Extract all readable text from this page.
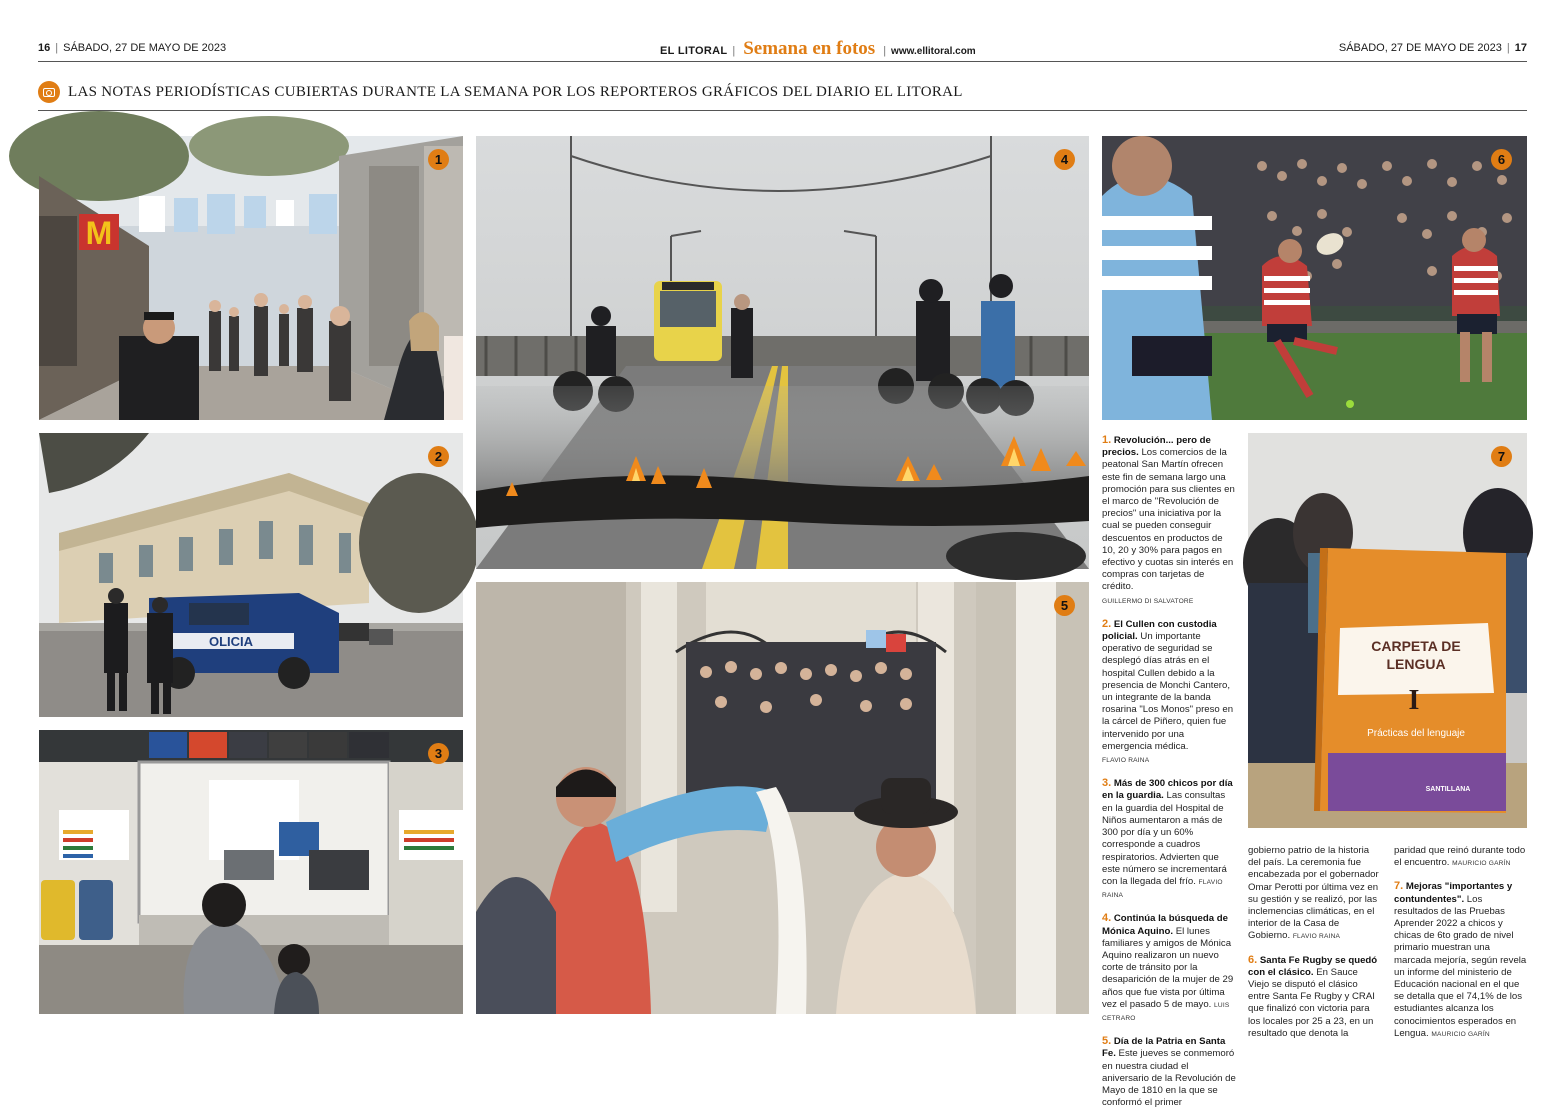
16 | SÁBADO, 27 DE MAYO DE 2023	EL LITORAL | Semana en fotos | www.ellitoral.com	SÁBADO, 27 DE MAYO DE 2023 | 17
LAS NOTAS PERIODÍSTICAS CUBIERTAS DURANTE LA SEMANA POR LOS REPORTEROS GRÁFICOS DEL DIARIO EL LITORAL
M
1
OLICIA
2
3
4
5
6
CARPETA DE
LENGUA
I
Prácticas del lenguaje
SANTILLANA
7
1. Revolución... pero de precios. Los comercios de la peatonal San Martín ofrecen este fin de semana largo una promoción para sus clientes en el marco de "Revolución de precios" una iniciativa por la cual se pueden conseguir descuentos en productos de 10, 20 y 30% para pagos en efectivo y cuotas sin interés en compras con tarjetas de crédito.
GUILLERMO DI SALVATORE
2. El Cullen con custodia policial. Un importante operativo de seguridad se desplegó días atrás en el hospital Cullen debido a la presencia de Monchi Cantero, un integrante de la banda rosarina "Los Monos" preso en la cárcel de Piñero, quien fue intervenido por una emergencia médica.
FLAVIO RAINA
3. Más de 300 chicos por día en la guardia. Las consultas en la guardia del Hospital de Niños aumentaron a más de 300 por día y un 60% corresponde a cuadros respiratorios. Advierten que este número se incrementará con la llegada del frío. FLAVIO RAINA
4. Continúa la búsqueda de Mónica Aquino. El lunes familiares y amigos de Mónica Aquino realizaron un nuevo corte de tránsito por la desaparición de la mujer de 29 años que fue vista por última vez el pasado 5 de mayo. LUIS CETRARO
5. Día de la Patria en Santa Fe. Este jueves se conmemoró en nuestra ciudad el aniversario de la Revolución de Mayo de 1810 en la que se conformó el primer
gobierno patrio de la historia del país. La ceremonia fue encabezada por el gobernador Omar Perotti por última vez en su gestión y se realizó, por las inclemencias climáticas, en el interior de la Casa de Gobierno. FLAVIO RAINA
6. Santa Fe Rugby se quedó con el clásico. En Sauce Viejo se disputó el clásico entre Santa Fe Rugby y CRAI que finalizó con victoria para los locales por 25 a 23, en un resultado que denota la
paridad que reinó durante todo el encuentro. MAURICIO GARÍN
7. Mejoras "importantes y contundentes". Los resultados de las Pruebas Aprender 2022 a chicos y chicas de 6to grado de nivel primario muestran una marcada mejoría, según revela un informe del ministerio de Educación nacional en el que se detalla que el 74,1% de los estudiantes alcanza los conocimientos esperados en Lengua. MAURICIO GARÍN
